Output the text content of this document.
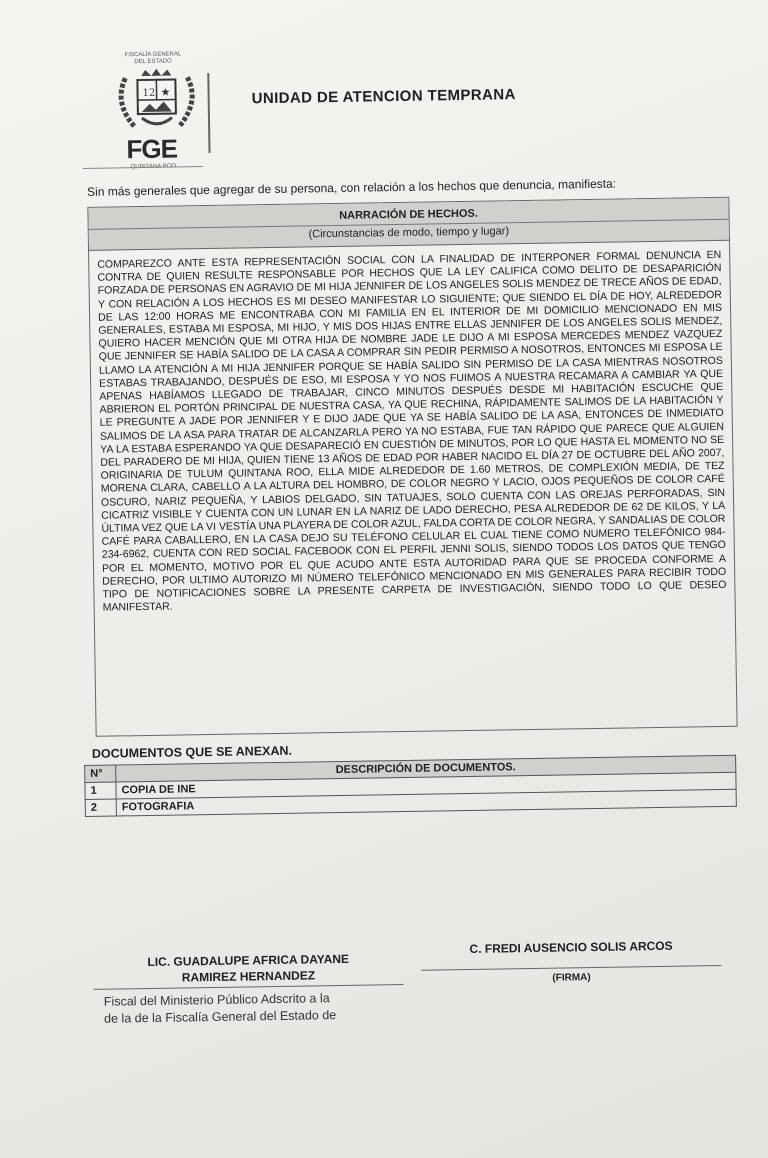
FISCALÍA GENERAL
DEL ESTADO
12 ★
FGE
UNIDAD DE ATENCION TEMPRANA
Sin más generales que agregar de su persona, con relación a los hechos que denuncia, manifiesta:
NARRACIÓN DE HECHOS.
(Circunstancias de modo, tiempo y lugar)
COMPAREZCO ANTE ESTA REPRESENTACIÓN SOCIAL CON LA FINALIDAD DE INTERPONER FORMAL DENUNCIA EN CONTRA DE QUIEN RESULTE RESPONSABLE POR HECHOS QUE LA LEY CALIFICA COMO DELITO DE DESAPARICIÓN FORZADA DE PERSONAS EN AGRAVIO DE MI HIJA JENNIFER DE LOS ANGELES SOLIS MENDEZ DE TRECE AÑOS DE EDAD, Y CON RELACIÓN A LOS HECHOS ES MI DESEO MANIFESTAR LO SIGUIENTE; QUE SIENDO EL DÍA DE HOY, ALREDEDOR DE LAS 12:00 HORAS ME ENCONTRABA CON MI FAMILIA EN EL INTERIOR DE MI DOMICILIO MENCIONADO EN MIS GENERALES, ESTABA MI ESPOSA, MI HIJO, Y MIS DOS HIJAS ENTRE ELLAS JENNIFER DE LOS ANGELES SOLIS MENDEZ, QUIERO HACER MENCIÓN QUE MI OTRA HIJA DE NOMBRE JADE LE DIJO A MI ESPOSA MERCEDES MENDEZ VAZQUEZ QUE JENNIFER SE HABÍA SALIDO DE LA CASA A COMPRAR SIN PEDIR PERMISO A NOSOTROS, ENTONCES MI ESPOSA LE LLAMO LA ATENCIÓN A MI HIJA JENNIFER PORQUE SE HABÍA SALIDO SIN PERMISO DE LA CASA MIENTRAS NOSOTROS ESTABAS TRABAJANDO, DESPUÉS DE ESO, MI ESPOSA Y YO NOS FUIMOS A NUESTRA RECAMARA A CAMBIAR YA QUE APENAS HABÍAMOS LLEGADO DE TRABAJAR, CINCO MINUTOS DESPUÉS DESDE MI HABITACIÓN ESCUCHE QUE ABRIERON EL PORTÓN PRINCIPAL DE NUESTRA CASA, YA QUE RECHINA, RÁPIDAMENTE SALIMOS DE LA HABITACIÓN Y LE PREGUNTE A JADE POR JENNIFER Y E DIJO JADE QUE YA SE HABÍA SALIDO DE LA ASA, ENTONCES DE INMEDIATO SALIMOS DE LA ASA PARA TRATAR DE ALCANZARLA PERO YA NO ESTABA, FUE TAN RÁPIDO QUE PARECE QUE ALGUIEN YA LA ESTABA ESPERANDO YA QUE DESAPARECIÓ EN CUESTIÓN DE MINUTOS, POR LO QUE HASTA EL MOMENTO NO SE DEL PARADERO DE MI HIJA, QUIEN TIENE 13 AÑOS DE EDAD POR HABER NACIDO EL DÍA 27 DE OCTUBRE DEL AÑO 2007, ORIGINARIA DE TULUM QUINTANA ROO, ELLA MIDE ALREDEDOR DE 1.60 METROS, DE COMPLEXIÓN MEDIA, DE TEZ MORENA CLARA, CABELLO A LA ALTURA DEL HOMBRO, DE COLOR NEGRO Y LACIO, OJOS PEQUEÑOS DE COLOR CAFÉ OSCURO, NARIZ PEQUEÑA, Y LABIOS DELGADO, SIN TATUAJES, SOLO CUENTA CON LAS OREJAS PERFORADAS, SIN CICATRIZ VISIBLE Y CUENTA CON UN LUNAR EN LA NARIZ DE LADO DERECHO, PESA ALREDEDOR DE 62 DE KILOS, Y LA ÚLTIMA VEZ QUE LA VI VESTÍA UNA PLAYERA DE COLOR AZUL, FALDA CORTA DE COLOR NEGRA, Y SANDALIAS DE COLOR CAFÉ PARA CABALLERO, EN LA CASA DEJO SU TELÉFONO CELULAR EL CUAL TIENE COMO NUMERO TELEFÓNICO 984-234-6962, CUENTA CON RED SOCIAL FACEBOOK CON EL PERFIL JENNI SOLIS, SIENDO TODOS LOS DATOS QUE TENGO POR EL MOMENTO, MOTIVO POR EL QUE ACUDO ANTE ESTA AUTORIDAD PARA QUE SE PROCEDA CONFORME A DERECHO, POR ULTIMO AUTORIZO MI NÚMERO TELEFÓNICO MENCIONADO EN MIS GENERALES PARA RECIBIR TODO TIPO DE NOTIFICACIONES SOBRE LA PRESENTE CARPETA DE INVESTIGACIÓN, SIENDO TODO LO QUE DESEO MANIFESTAR.
DOCUMENTOS QUE SE ANEXAN.
N°	DESCRIPCIÓN DE DOCUMENTOS.
1	COPIA DE INE
2	FOTOGRAFIA
LIC. GUADALUPE AFRICA DAYANE
RAMIREZ HERNANDEZ
Fiscal del Ministerio Público Adscrito a la
de la de la Fiscalía General del Estado de
C. FREDI AUSENCIO SOLIS ARCOS
(FIRMA)
